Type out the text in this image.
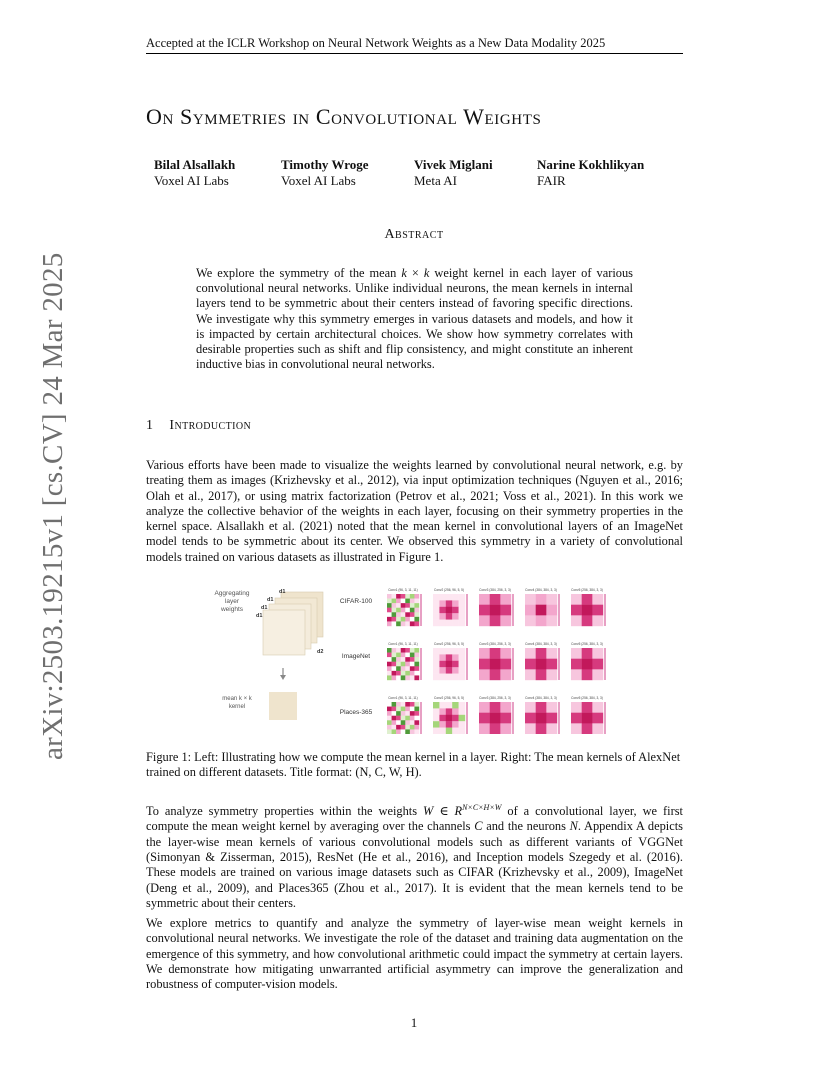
Accepted at the ICLR Workshop on Neural Network Weights as a New Data Modality 2025
arXiv:2503.19215v1 [cs.CV] 24 Mar 2025
On Symmetries in Convolutional Weights
Bilal Alsallakh
Voxel AI Labs
Timothy Wroge
Voxel AI Labs
Vivek Miglani
Meta AI
Narine Kokhlikyan
FAIR
Abstract
We explore the symmetry of the mean k × k weight kernel in each layer of various convolutional neural networks. Unlike individual neurons, the mean kernels in internal layers tend to be symmetric about their centers instead of favoring specific directions. We investigate why this symmetry emerges in various datasets and models, and how it is impacted by certain architectural choices. We show how symmetry correlates with desirable properties such as shift and flip consistency, and might constitute an inherent inductive bias in convolutional neural networks.
1 Introduction
Various efforts have been made to visualize the weights learned by convolutional neural network, e.g. by treating them as images (Krizhevsky et al., 2012), via input optimization techniques (Nguyen et al., 2016; Olah et al., 2017), or using matrix factorization (Petrov et al., 2021; Voss et al., 2021). In this work we analyze the collective behavior of the weights in each layer, focusing on their symmetry properties in the kernel space. Alsallakh et al. (2021) noted that the mean kernel in convolutional layers of an ImageNet model tends to be symmetric about its center. We observed this symmetry in a variety of convolutional models trained on various datasets as illustrated in Figure 1.
Aggregating layer weights
d1
d1
d1
d1
d2
mean k × k kernel
CIFAR-100
ImageNet
Places-365
Conv1 (96, 3, 11, 11)	Conv2 (256, 96, 5, 5)	Conv3 (384, 256, 3, 3)	Conv4 (384, 384, 3, 3)	Conv5 (256, 384, 3, 3)
Conv1 (96, 3, 11, 11)	Conv2 (256, 96, 5, 5)	Conv3 (384, 256, 3, 3)	Conv4 (384, 384, 3, 3)	Conv5 (256, 384, 3, 3)
Conv1 (96, 3, 11, 11)	Conv2 (256, 96, 5, 5)	Conv3 (384, 256, 3, 3)	Conv4 (384, 384, 3, 3)	Conv5 (256, 384, 3, 3)
Figure 1: Left: Illustrating how we compute the mean kernel in a layer. Right: The mean kernels of AlexNet trained on different datasets. Title format: (N, C, W, H).
To analyze symmetry properties within the weights W ∈ $R^{N\times C\times H\times W}$ of a convolutional layer, we first compute the mean weight kernel by averaging over the channels C and the neurons N. Appendix A depicts the layer-wise mean kernels of various convolutional models such as different variants of VGGNet (Simonyan & Zisserman, 2015), ResNet (He et al., 2016), and Inception models Szegedy et al. (2016). These models are trained on various image datasets such as CIFAR (Krizhevsky et al., 2009), ImageNet (Deng et al., 2009), and Places365 (Zhou et al., 2017). It is evident that the mean kernels tend to be symmetric about their centers.
We explore metrics to quantify and analyze the symmetry of layer-wise mean weight kernels in convolutional neural networks. We investigate the role of the dataset and training data augmentation on the emergence of this symmetry, and how convolutional arithmetic could impact the symmetry at certain layers. We demonstrate how mitigating unwarranted artificial asymmetry can improve the generalization and robustness of computer-vision models.
1
